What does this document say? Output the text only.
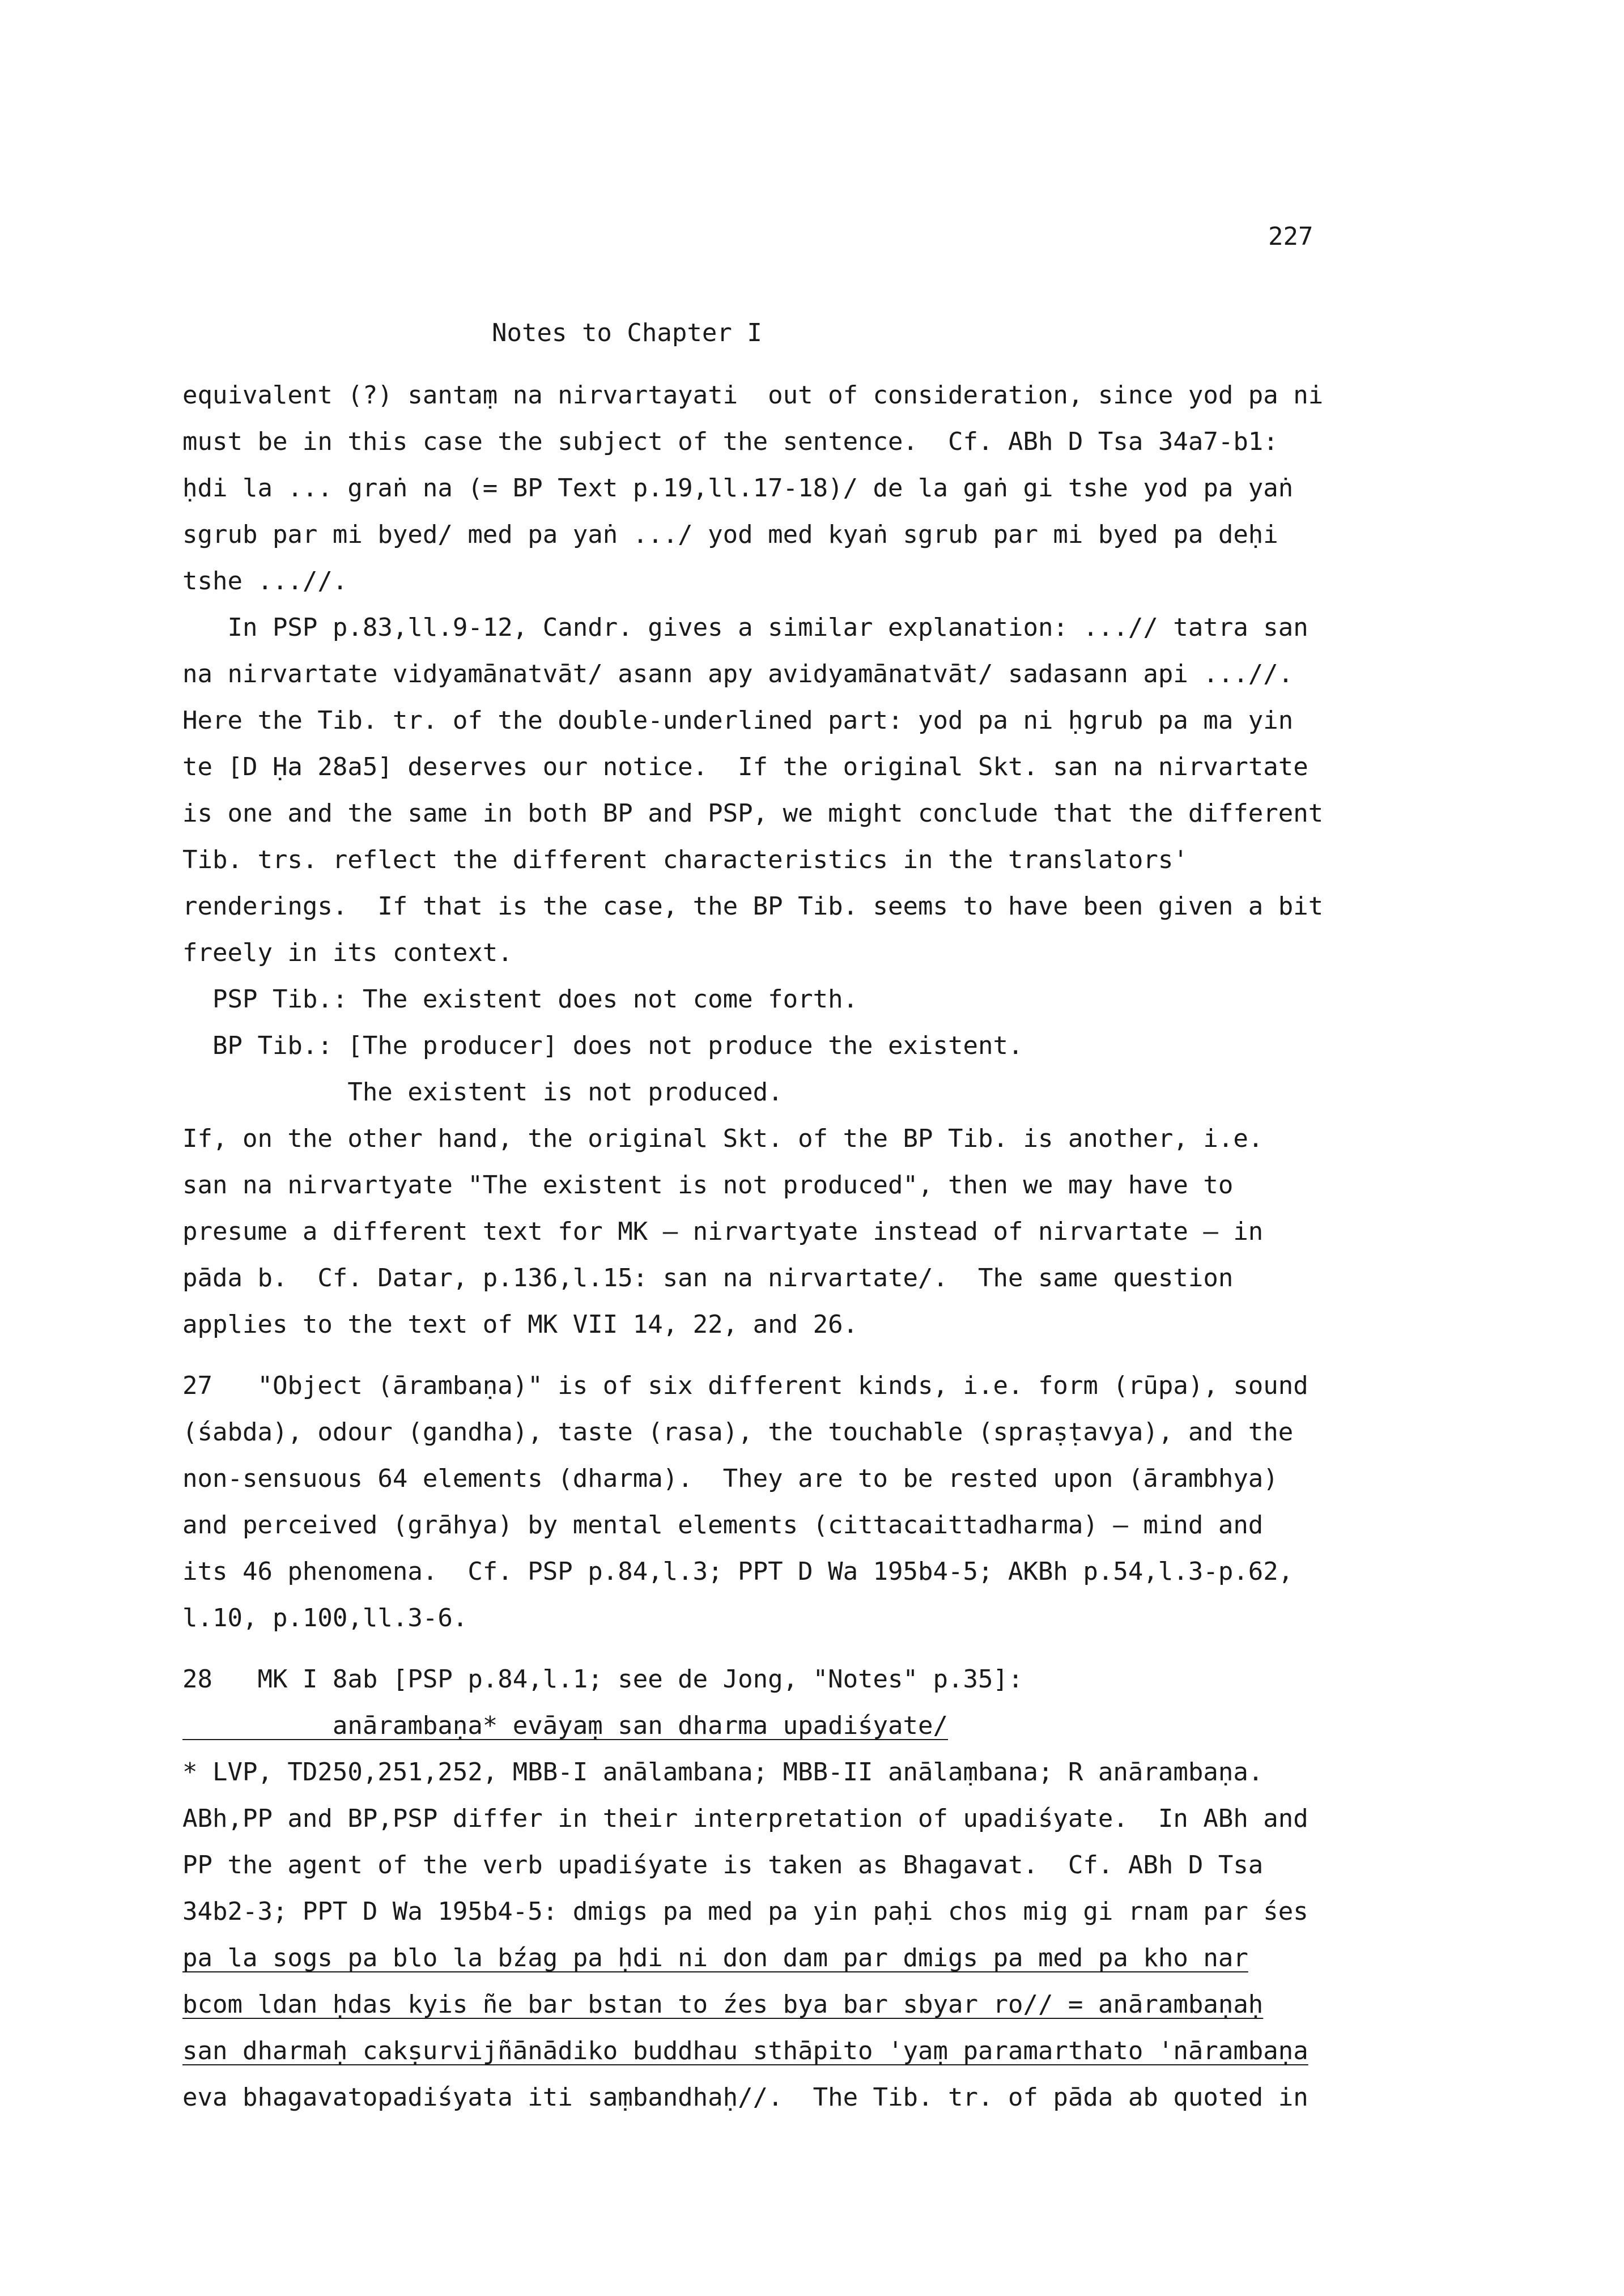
227
Notes to Chapter I

equivalent (?) santaṃ na nirvartayati  out of consideration, since yod pa ni

must be in this case the subject of the sentence.  Cf. ABh D Tsa 34a7-b1:

ḥdi la ... graṅ na (= BP Text p.19,ll.17-18)/ de la gaṅ gi tshe yod pa yaṅ

sgrub par mi byed/ med pa yaṅ .../ yod med kyaṅ sgrub par mi byed pa deḥi

tshe ...//.

In PSP p.83,ll.9-12, Candr. gives a similar explanation: ...// tatra san

na nirvartate vidyamānatvāt/ asann apy avidyamānatvāt/ sadasann api ...//.

Here the Tib. tr. of the double-underlined part: yod pa ni ḥgrub pa ma yin

te [D Ḥa 28a5] deserves our notice.  If the original Skt. san na nirvartate

is one and the same in both BP and PSP, we might conclude that the different

Tib. trs. reflect the different characteristics in the translators'

renderings.  If that is the case, the BP Tib. seems to have been given a bit

freely in its context.

PSP Tib.: The existent does not come forth.

BP Tib.: [The producer] does not produce the existent.

The existent is not produced.

If, on the other hand, the original Skt. of the BP Tib. is another, i.e.

san na nirvartyate "The existent is not produced", then we may have to

presume a different text for MK — nirvartyate instead of nirvartate — in

pāda b.  Cf. Datar, p.136,l.15: san na nirvartate/.  The same question

applies to the text of MK VII 14, 22, and 26.

27   "Object (ārambaṇa)" is of six different kinds, i.e. form (rūpa), sound

(śabda), odour (gandha), taste (rasa), the touchable (spraṣṭavya), and the

non-sensuous 64 elements (dharma).  They are to be rested upon (ārambhya)

and perceived (grāhya) by mental elements (cittacaittadharma) — mind and

its 46 phenomena.  Cf. PSP p.84,l.3; PPT D Wa 195b4-5; AKBh p.54,l.3-p.62,

l.10, p.100,ll.3-6.

28   MK I 8ab [PSP p.84,l.1; see de Jong, "Notes" p.35]:

anārambaṇa* evāyaṃ san dharma upadiśyate/

* LVP, TD250,251,252, MBB-I anālambana; MBB-II anālaṃbana; R anārambaṇa.

ABh,PP and BP,PSP differ in their interpretation of upadiśyate.  In ABh and

PP the agent of the verb upadiśyate is taken as Bhagavat.  Cf. ABh D Tsa

34b2-3; PPT D Wa 195b4-5: dmigs pa med pa yin paḥi chos mig gi rnam par śes

pa la sogs pa blo la bźag pa ḥdi ni don dam par dmigs pa med pa kho nar

bcom ldan ḥdas kyis ñe bar bstan to źes bya bar sbyar ro// = anārambaṇaḥ

san dharmaḥ cakṣurvijñānādiko buddhau sthāpito 'yaṃ paramarthato 'nārambaṇa

eva bhagavatopadiśyata iti saṃbandhaḥ//.  The Tib. tr. of pāda ab quoted in
